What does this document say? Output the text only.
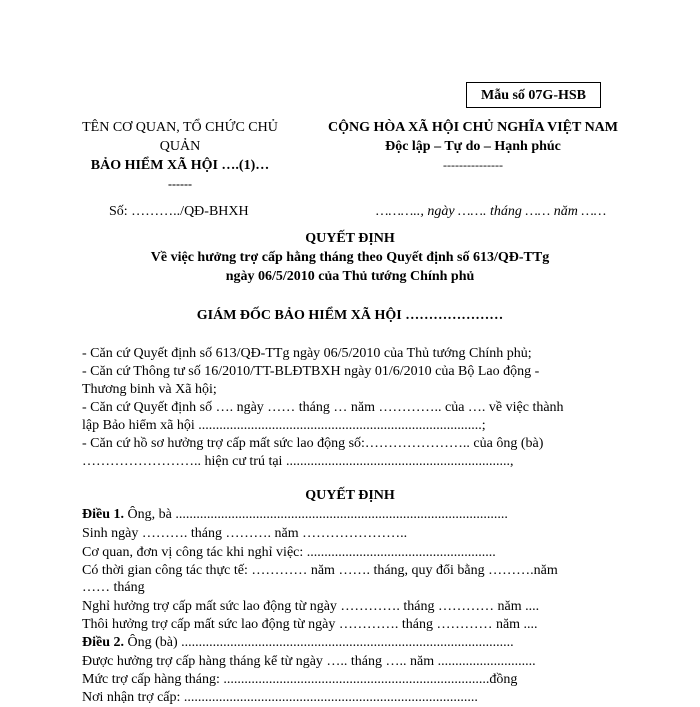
Mẫu số 07G-HSB
TÊN CƠ QUAN, TỔ CHỨC CHỦ
QUẢN
BẢO HIỂM XÃ HỘI ….(1)…
------
CỘNG HÒA XÃ HỘI CHỦ NGHĨA VIỆT NAM
Độc lập – Tự do – Hạnh phúc
---------------
Số: ………../QĐ-BHXH	……….., ngày ……. tháng …… năm ……
QUYẾT ĐỊNH
Về việc hưởng trợ cấp hằng tháng theo Quyết định số 613/QĐ-TTg
ngày 06/5/2010 của Thủ tướng Chính phủ
GIÁM ĐỐC BẢO HIỂM XÃ HỘI …………………

- Căn cứ Quyết định số 613/QĐ-TTg ngày 06/5/2010 của Thủ tướng Chính phủ;

- Căn cứ Thông tư số 16/2010/TT-BLĐTBXH ngày 01/6/2010 của Bộ Lao động -

Thương binh và Xã hội;

- Căn cứ Quyết định số …. ngày …… tháng … năm ………….. của …. về việc thành

lập Bảo hiểm xã hội .................................................................................;

- Căn cứ hồ sơ hưởng trợ cấp mất sức lao động số:………………….. của ông (bà)

…………………….. hiện cư trú tại ................................................................,

QUYẾT ĐỊNH

Điều 1. Ông, bà ...............................................................................................

Sinh ngày ………. tháng ………. năm …………………..

Cơ quan, đơn vị công tác khi nghỉ việc: ......................................................

Có thời gian công tác thực tế: ………… năm ……. tháng, quy đổi bằng ……….năm

…… tháng

Nghỉ hưởng trợ cấp mất sức lao động từ ngày …………. tháng ………… năm ....

Thôi hưởng trợ cấp mất sức lao động từ ngày …………. tháng ………… năm ....

Điều 2. Ông (bà) ...............................................................................................

Được hưởng trợ cấp hàng tháng kể từ ngày ….. tháng ….. năm ............................

Mức trợ cấp hàng tháng: ............................................................................đồng

Nơi nhận trợ cấp: ....................................................................................
